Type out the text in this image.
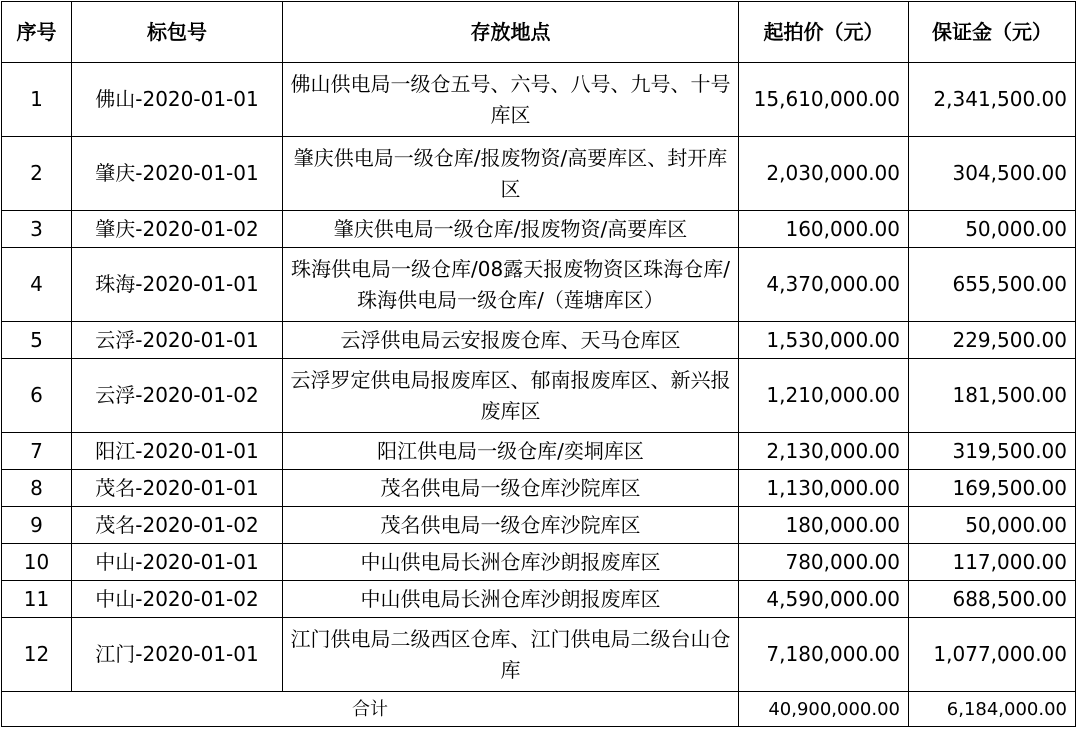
序号	标包号	存放地点	起拍价（元）	保证金（元）
1	佛山-2020-01-01	佛山供电局一级仓五号、六号、八号、九号、十号库区	15,610,000.00	2,341,500.00
2	肇庆-2020-01-01	肇庆供电局一级仓库/报废物资/高要库区、封开库区	2,030,000.00	304,500.00
3	肇庆-2020-01-02	肇庆供电局一级仓库/报废物资/高要库区	160,000.00	50,000.00
4	珠海-2020-01-01	珠海供电局一级仓库/08露天报废物资区珠海仓库/珠海供电局一级仓库/（莲塘库区）	4,370,000.00	655,500.00
5	云浮-2020-01-01	云浮供电局云安报废仓库、天马仓库区	1,530,000.00	229,500.00
6	云浮-2020-01-02	云浮罗定供电局报废库区、郁南报废库区、新兴报废库区	1,210,000.00	181,500.00
7	阳江-2020-01-01	阳江供电局一级仓库/奕垌库区	2,130,000.00	319,500.00
8	茂名-2020-01-01	茂名供电局一级仓库沙院库区	1,130,000.00	169,500.00
9	茂名-2020-01-02	茂名供电局一级仓库沙院库区	180,000.00	50,000.00
10	中山-2020-01-01	中山供电局长洲仓库沙朗报废库区	780,000.00	117,000.00
11	中山-2020-01-02	中山供电局长洲仓库沙朗报废库区	4,590,000.00	688,500.00
12	江门-2020-01-01	江门供电局二级西区仓库、江门供电局二级台山仓库	7,180,000.00	1,077,000.00
合计			40,900,000.00	6,184,000.00
